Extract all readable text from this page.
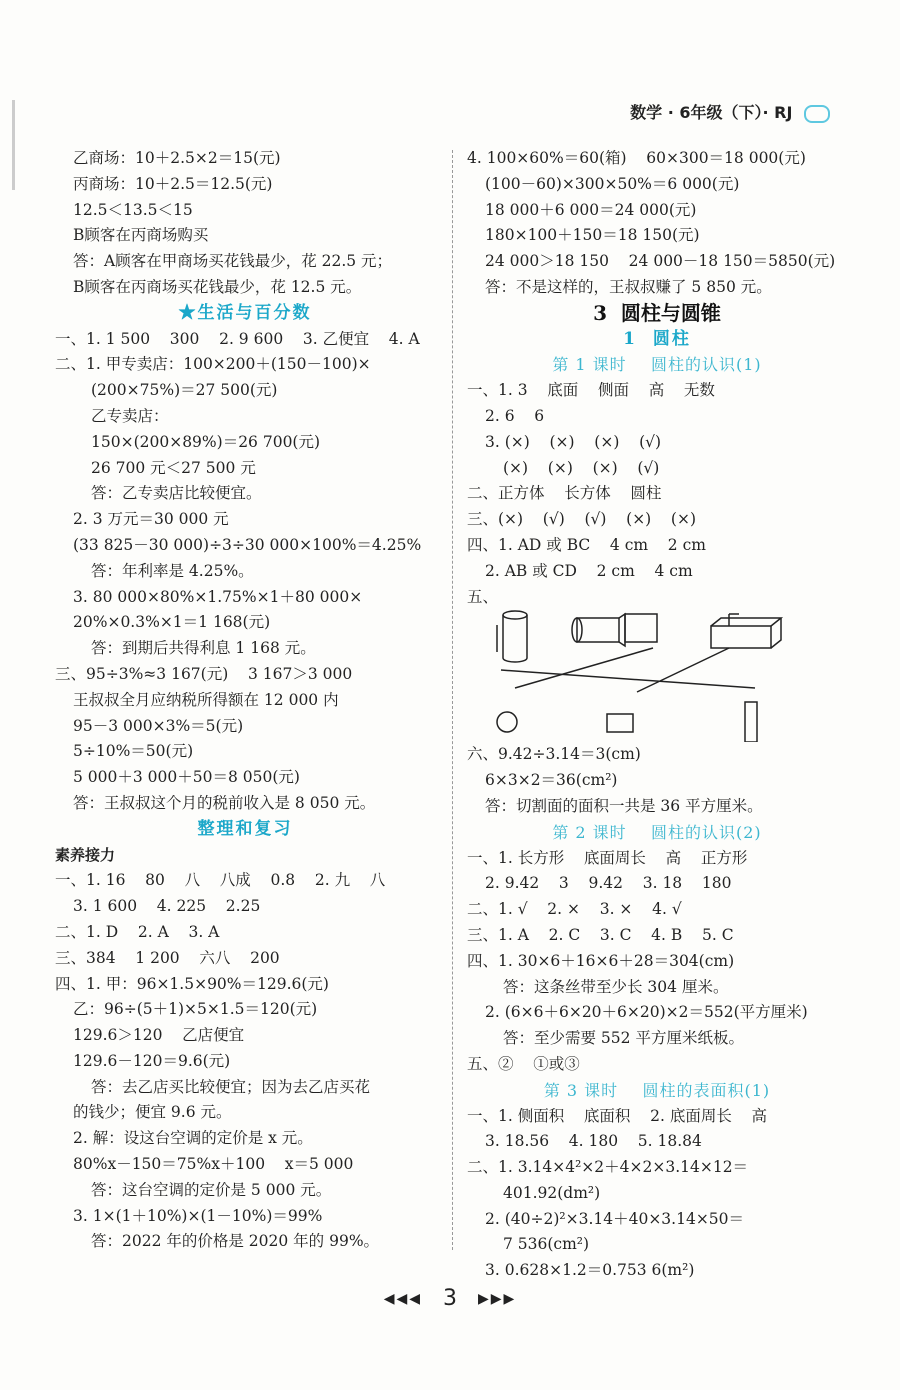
数学 · 6年级（下）· RJ
乙商场：10＋2.5×2＝15(元)
丙商场：10＋2.5＝12.5(元)
12.5＜13.5＜15
B顾客在丙商场购买
答：A顾客在甲商场买花钱最少，花 22.5 元；
B顾客在丙商场买花钱最少，花 12.5 元。
★生活与百分数
一、1. 1 500    300    2. 9 600    3. 乙便宜    4. A
二、1. 甲专卖店：100×200＋(150－100)×
(200×75%)＝27 500(元)
乙专卖店：
150×(200×89%)＝26 700(元)
26 700 元＜27 500 元
答：乙专卖店比较便宜。
2. 3 万元＝30 000 元
(33 825－30 000)÷3÷30 000×100%＝4.25%
答：年利率是 4.25%。
3. 80 000×80%×1.75%×1＋80 000×
20%×0.3%×1＝1 168(元)
答：到期后共得利息 1 168 元。
三、95÷3%≈3 167(元)    3 167＞3 000
王叔叔全月应纳税所得额在 12 000 内
95－3 000×3%＝5(元)
5÷10%＝50(元)
5 000＋3 000＋50＝8 050(元)
答：王叔叔这个月的税前收入是 8 050 元。
整理和复习
素养接力
一、1. 16    80    八    八成    0.8    2. 九    八
3. 1 600    4. 225    2.25
二、1. D    2. A    3. A
三、384    1 200    六八    200
四、1. 甲：96×1.5×90%＝129.6(元)
乙：96÷(5＋1)×5×1.5＝120(元)
129.6＞120    乙店便宜
129.6－120＝9.6(元)
答：去乙店买比较便宜；因为去乙店买花
的钱少；便宜 9.6 元。
2. 解：设这台空调的定价是 x 元。
80%x－150＝75%x＋100    x＝5 000
答：这台空调的定价是 5 000 元。
3. 1×(1＋10%)×(1－10%)＝99%
答：2022 年的价格是 2020 年的 99%。
4. 100×60%＝60(箱)    60×300＝18 000(元)
(100－60)×300×50%＝6 000(元)
18 000＋6 000＝24 000(元)
180×100＋150＝18 150(元)
24 000＞18 150    24 000－18 150＝5850(元)
答：不是这样的，王叔叔赚了 5 850 元。
3  圆柱与圆锥
1  圆柱
第 1 课时    圆柱的认识(1)
一、1. 3    底面    侧面    高    无数
2. 6    6
3. (×)    (×)    (×)    (√)
(×)    (×)    (×)    (√)
二、正方体    长方体    圆柱
三、(×)    (√)    (√)    (×)    (×)
四、1. AD 或 BC    4 cm    2 cm
2. AB 或 CD    2 cm    4 cm
五、
六、9.42÷3.14＝3(cm)
6×3×2＝36(cm²)
答：切割面的面积一共是 36 平方厘米。
第 2 课时    圆柱的认识(2)
一、1. 长方形    底面周长    高    正方形
2. 9.42    3    9.42    3. 18    180
二、1. √    2. ×    3. ×    4. √
三、1. A    2. C    3. C    4. B    5. C
四、1. 30×6＋16×6＋28＝304(cm)
答：这条丝带至少长 304 厘米。
2. (6×6＋6×20＋6×20)×2＝552(平方厘米)
答：至少需要 552 平方厘米纸板。
五、②    ①或③
第 3 课时    圆柱的表面积(1)
一、1. 侧面积    底面积    2. 底面周长    高
3. 18.56    4. 180    5. 18.84
二、1. 3.14×4²×2＋4×2×3.14×12＝
401.92(dm²)
2. (40÷2)²×3.14＋40×3.14×50＝
7 536(cm²)
3. 0.628×1.2＝0.753 6(m²)
◀◀◀ 3 ▶▶▶
